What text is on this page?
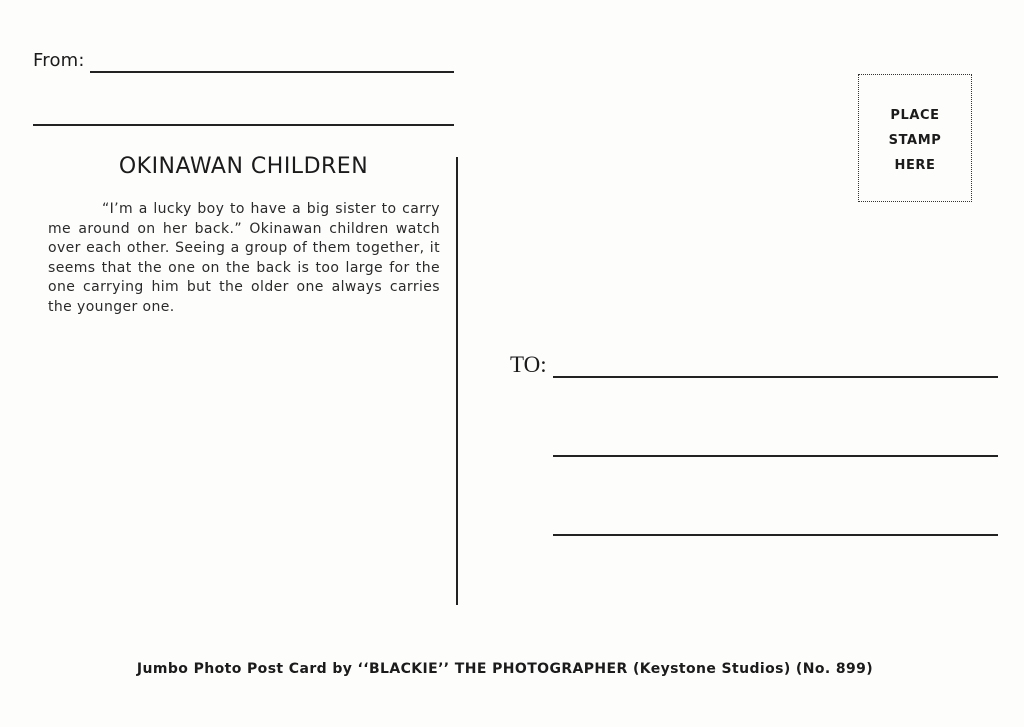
From:
OKINAWAN CHILDREN
“I’m a lucky boy to have a big sister to carry me around on her back.” Okinawan children watch over each other. Seeing a group of them together, it seems that the one on the back is too large for the one carrying him but the older one always carries the younger one.
PLACE
STAMP
HERE
TO:
Jumbo Photo Post Card by ‘‘BLACKIE’’ THE PHOTOGRAPHER (Keystone Studios) (No. 899)
